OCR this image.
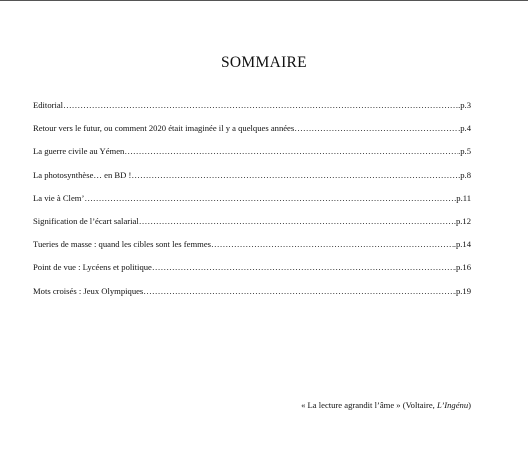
SOMMAIRE
Editorial ………………………………………………………………………………………………………………………………………………………………………………………………………………	.p.3
Retour vers le futur, ou comment 2020 était imaginée il y a quelques années ………………………………………………………………………………………………………………………………………………………………………………………………………………	.p.4
La guerre civile au Yémen ………………………………………………………………………………………………………………………………………………………………………………………………………………	.p.5
La photosynthèse… en BD ! ………………………………………………………………………………………………………………………………………………………………………………………………………………	.p.8
La vie à Clem’ ………………………………………………………………………………………………………………………………………………………………………………………………………………	.p.11
Signification de l’écart salarial ………………………………………………………………………………………………………………………………………………………………………………………………………………	.p.12
Tueries de masse : quand les cibles sont les femmes ………………………………………………………………………………………………………………………………………………………………………………………………………………	.p.14
Point de vue : Lycéens et politique ………………………………………………………………………………………………………………………………………………………………………………………………………………	.p.16
Mots croisés : Jeux Olympiques ………………………………………………………………………………………………………………………………………………………………………………………………………………	.p.19
« La lecture agrandit l’âme » (Voltaire, L’Ingénu)
